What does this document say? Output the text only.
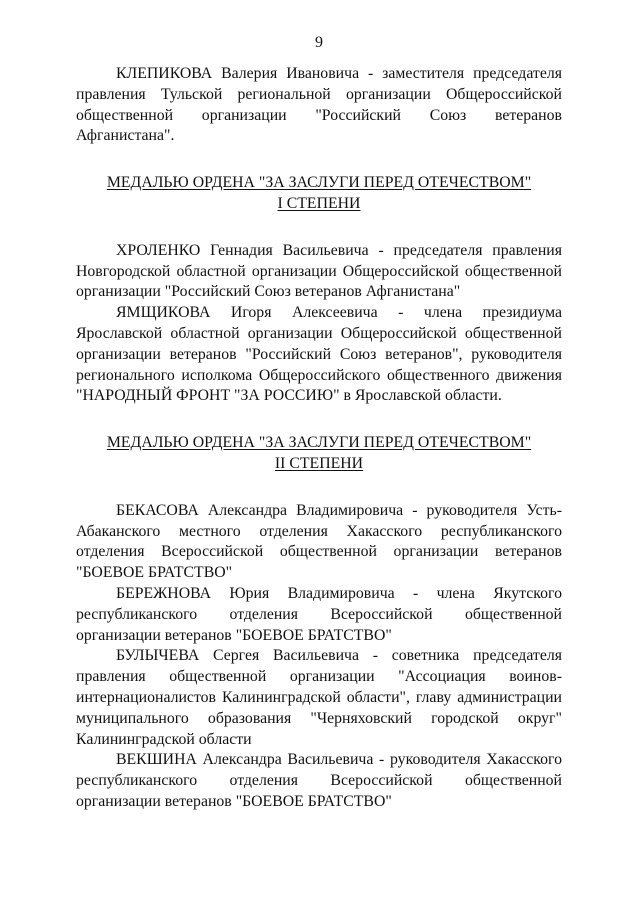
9

КЛЕПИКОВА Валерия Ивановича - заместителя председателя правления Тульской региональной организации Общероссийской общественной организации "Российский Союз ветеранов Афганистана".

МЕДАЛЬЮ ОРДЕНА "ЗА ЗАСЛУГИ ПЕРЕД ОТЕЧЕСТВОМ"
I СТЕПЕНИ

ХРОЛЕНКО Геннадия Васильевича - председателя правления Новгородской областной организации Общероссийской общественной организации "Российский Союз ветеранов Афганистана"

ЯМЩИКОВА Игоря Алексеевича - члена президиума Ярославской областной организации Общероссийской общественной организации ветеранов "Российский Союз ветеранов", руководителя регионального исполкома Общероссийского общественного движения "НАРОДНЫЙ ФРОНТ "ЗА РОССИЮ" в Ярославской области.

МЕДАЛЬЮ ОРДЕНА "ЗА ЗАСЛУГИ ПЕРЕД ОТЕЧЕСТВОМ"
II СТЕПЕНИ

БЕКАСОВА Александра Владимировича - руководителя Усть-Абаканского местного отделения Хакасского республиканского отделения Всероссийской общественной организации ветеранов "БОЕВОЕ БРАТСТВО"

БЕРЕЖНОВА Юрия Владимировича - члена Якутского республиканского отделения Всероссийской общественной организации ветеранов "БОЕВОЕ БРАТСТВО"

БУЛЫЧЕВА Сергея Васильевича - советника председателя правления общественной организации "Ассоциация воинов-интернационалистов Калининградской области", главу администрации муниципального образования "Черняховский городской округ" Калининградской области

ВЕКШИНА Александра Васильевича - руководителя Хакасского республиканского отделения Всероссийской общественной организации ветеранов "БОЕВОЕ БРАТСТВО"
